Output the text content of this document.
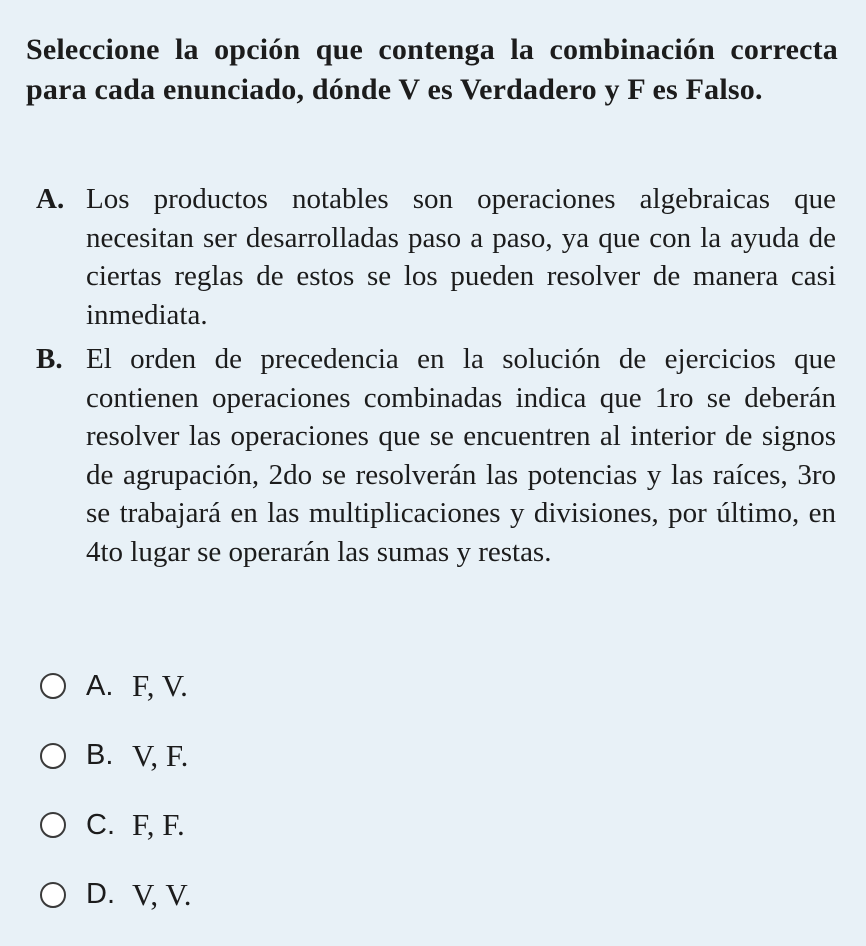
Seleccione la opción que contenga la combinación correcta para cada enunciado, dónde V es Verdadero y F es Falso.
A. Los productos notables son operaciones algebraicas que necesitan ser desarrolladas paso a paso, ya que con la ayuda de ciertas reglas de estos se los pueden resolver de manera casi inmediata.
B. El orden de precedencia en la solución de ejercicios que contienen operaciones combinadas indica que 1ro se deberán resolver las operaciones que se encuentren al interior de signos de agrupación, 2do se resolverán las potencias y las raíces, 3ro se trabajará en las multiplicaciones y divisiones, por último, en 4to lugar se operarán las sumas y restas.
A. F, V.
B. V, F.
C. F, F.
D. V, V.
